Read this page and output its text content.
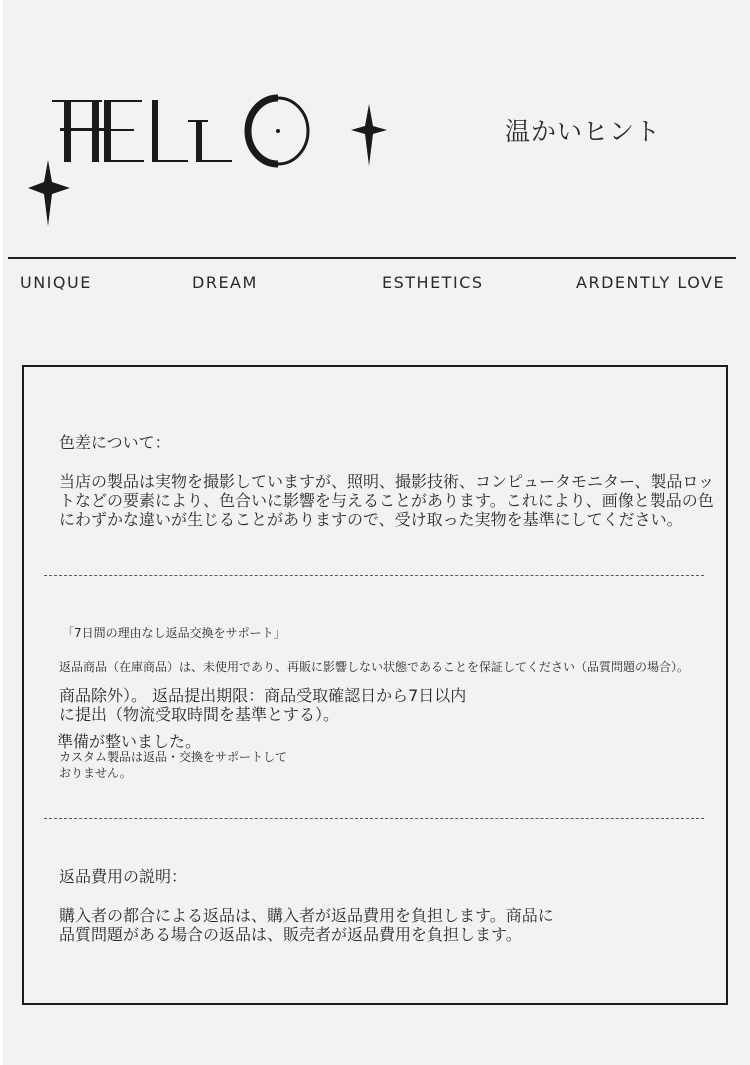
温かいヒント
UNIQUE	DREAM	ESTHETICS	ARDENTLY LOVE
色差について：
当店の製品は実物を撮影していますが、照明、撮影技術、コンピュータモニター、製品ロッ
トなどの要素により、色合いに影響を与えることがあります。これにより、画像と製品の色
にわずかな違いが生じることがありますので、受け取った実物を基準にしてください。
「7日間の理由なし返品交換をサポート」
返品商品（在庫商品）は、未使用であり、再販に影響しない状態であることを保証してください（品質問題の場合）。
商品除外）。 返品提出期限：商品受取確認日から7日以内
に提出（物流受取時間を基準とする）。
準備が整いました。
カスタム製品は返品・交換をサポートして
おりません。
返品費用の説明：
購入者の都合による返品は、購入者が返品費用を負担します。商品に
品質問題がある場合の返品は、販売者が返品費用を負担します。
